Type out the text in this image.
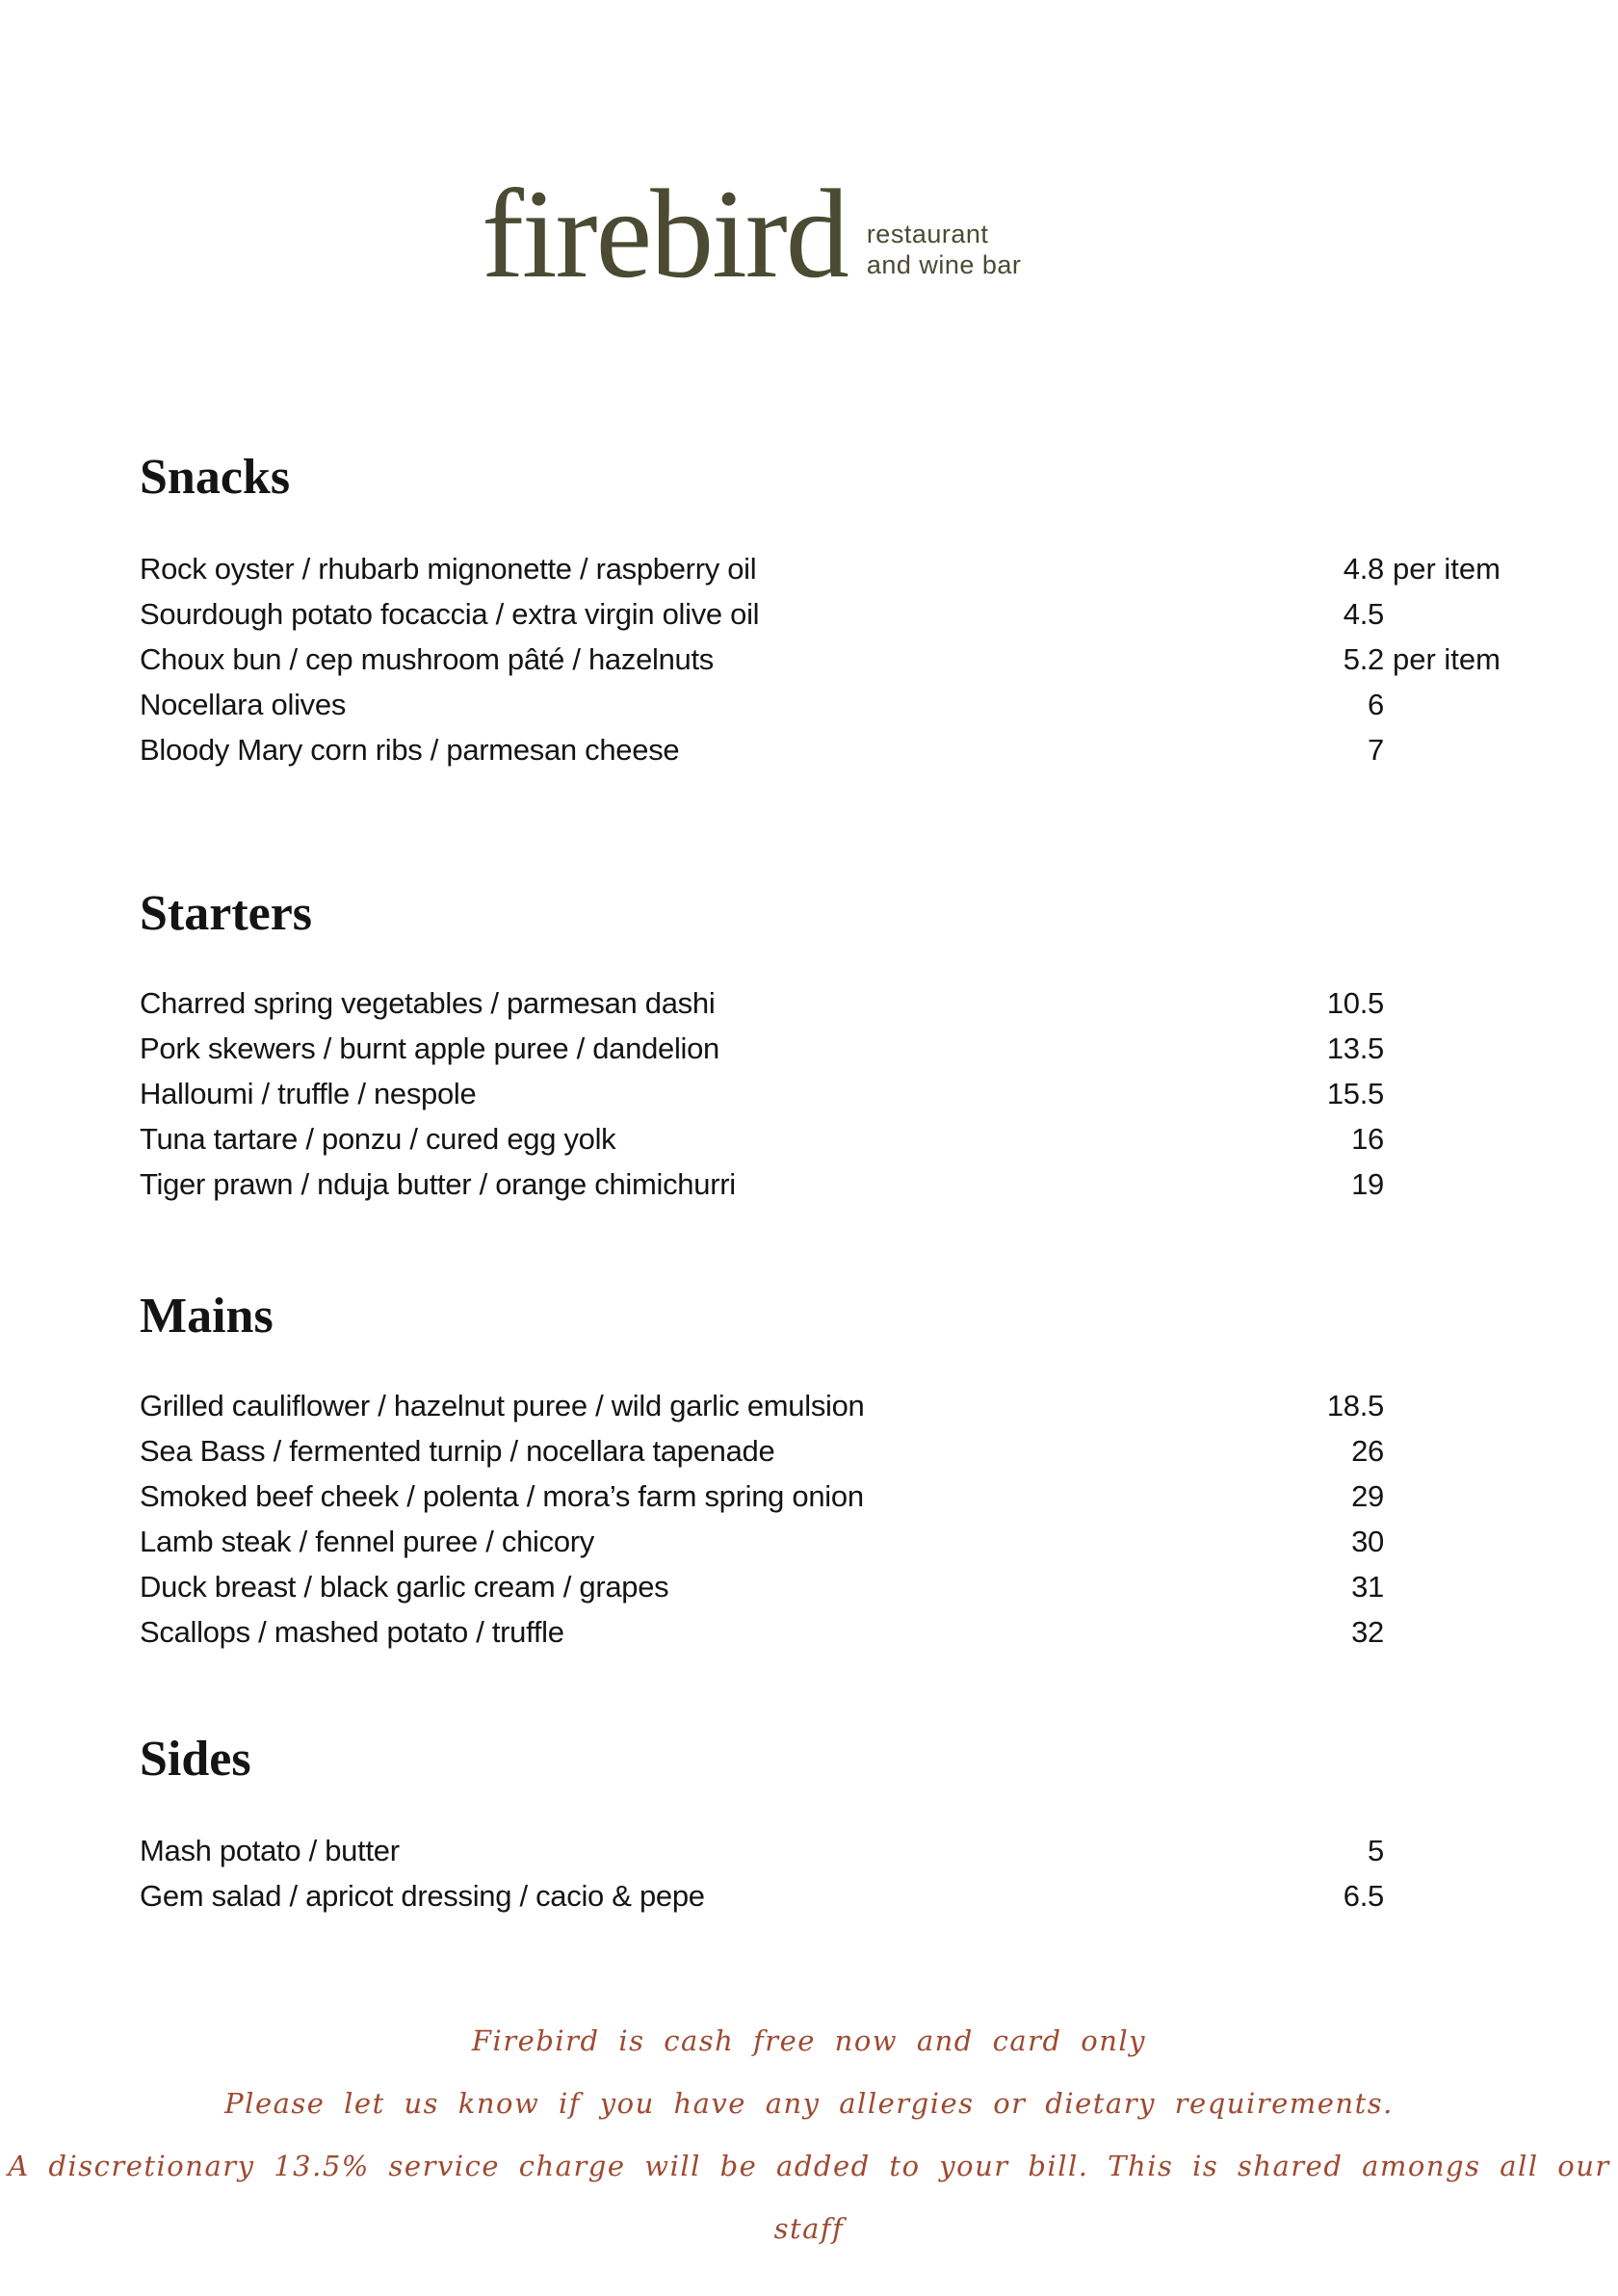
firebird restaurant
and wine bar
Snacks
Rock oyster / rhubarb mignonette / raspberry oil	4.8 per item
Sourdough potato focaccia / extra virgin olive oil	4.5
Choux bun / cep mushroom pâté / hazelnuts	5.2 per item
Nocellara olives	6
Bloody Mary corn ribs / parmesan cheese	7
Starters
Charred spring vegetables / parmesan dashi	10.5
Pork skewers / burnt apple puree / dandelion	13.5
Halloumi / truffle / nespole	15.5
Tuna tartare / ponzu / cured egg yolk	16
Tiger prawn / nduja butter / orange chimichurri	19
Mains
Grilled cauliflower / hazelnut puree / wild garlic emulsion	18.5
Sea Bass / fermented turnip / nocellara tapenade	26
Smoked beef cheek / polenta / mora’s farm spring onion	29
Lamb steak / fennel puree / chicory	30
Duck breast / black garlic cream / grapes	31
Scallops / mashed potato / truffle	32
Sides
Mash potato / butter	5
Gem salad / apricot dressing / cacio & pepe	6.5
Firebird is cash free now and card only
Please let us know if you have any allergies or dietary requirements.
A discretionary 13.5% service charge will be added to your bill. This is shared amongs all our staff
